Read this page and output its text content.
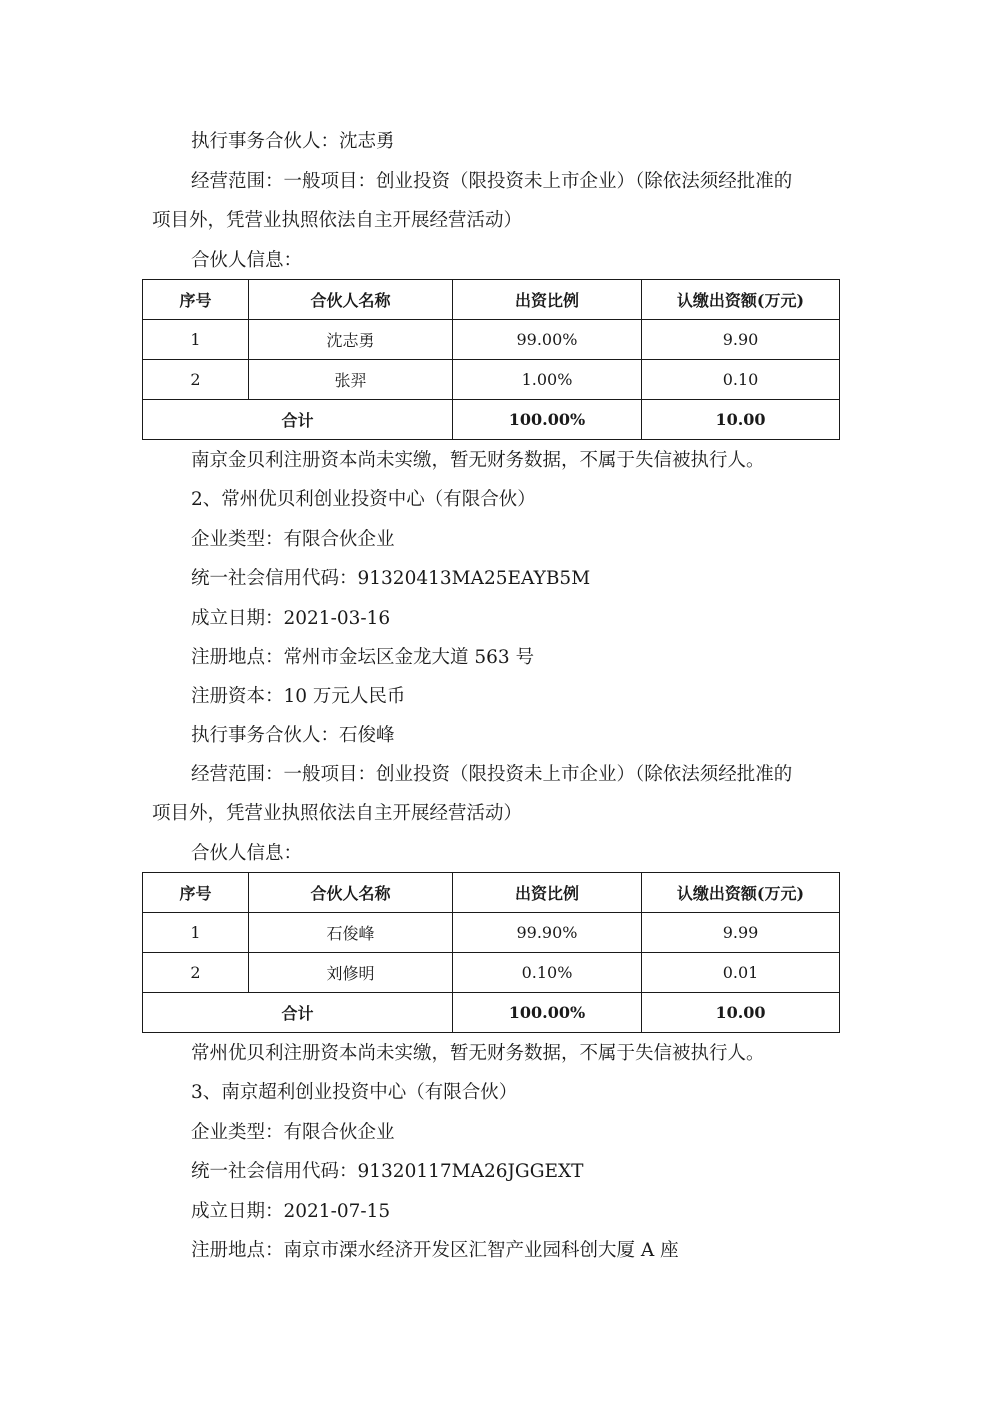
执行事务合伙人：沈志勇
经营范围：一般项目：创业投资（限投资未上市企业）（除依法须经批准的
项目外，凭营业执照依法自主开展经营活动）
合伙人信息：
序号	合伙人名称	出资比例	认缴出资额(万元)
1	沈志勇	99.00%	9.90
2	张羿	1.00%	0.10
合计		100.00%	10.00
南京金贝利注册资本尚未实缴，暂无财务数据，不属于失信被执行人。
2、常州优贝利创业投资中心（有限合伙）
企业类型：有限合伙企业
统一社会信用代码：91320413MA25EAYB5M
成立日期：2021-03-16
注册地点：常州市金坛区金龙大道 563 号
注册资本：10 万元人民币
执行事务合伙人：石俊峰
经营范围：一般项目：创业投资（限投资未上市企业）（除依法须经批准的
项目外，凭营业执照依法自主开展经营活动）
合伙人信息：
序号	合伙人名称	出资比例	认缴出资额(万元)
1	石俊峰	99.90%	9.99
2	刘修明	0.10%	0.01
合计		100.00%	10.00
常州优贝利注册资本尚未实缴，暂无财务数据，不属于失信被执行人。
3、南京超利创业投资中心（有限合伙）
企业类型：有限合伙企业
统一社会信用代码：91320117MA26JGGEXT
成立日期：2021-07-15
注册地点：南京市溧水经济开发区汇智产业园科创大厦 A 座
